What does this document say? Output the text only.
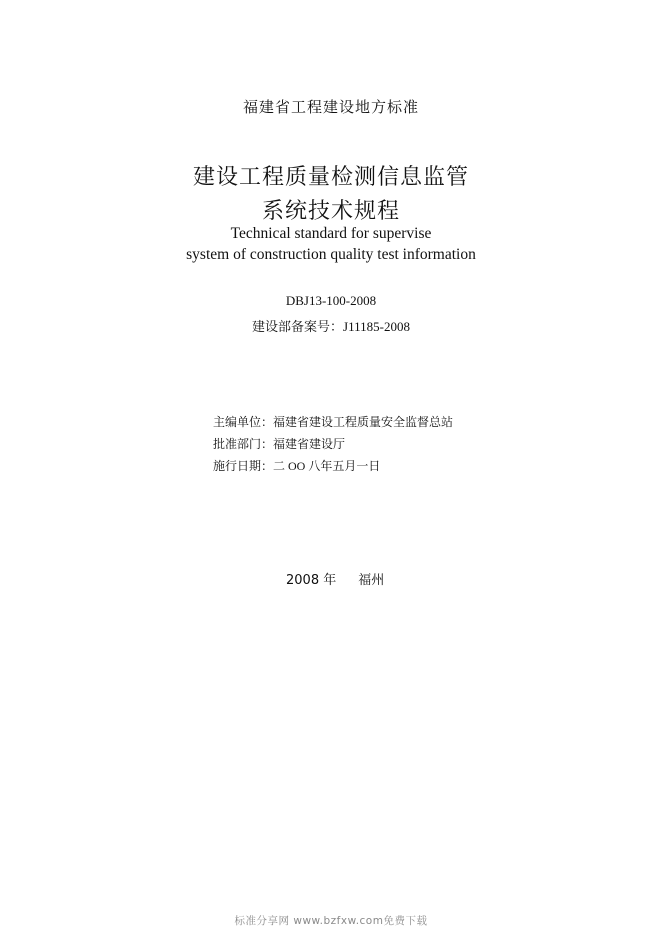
福建省工程建设地方标准
建设工程质量检测信息监管
系统技术规程
Technical standard for supervise
system of construction quality test information
DBJ13-100-2008
建设部备案号：J11185-2008
主编单位：福建省建设工程质量安全监督总站
批准部门：福建省建设厅
施行日期：二 OO 八年五月一日
2008 年 福州
标准分享网 www.bzfxw.com免费下载
